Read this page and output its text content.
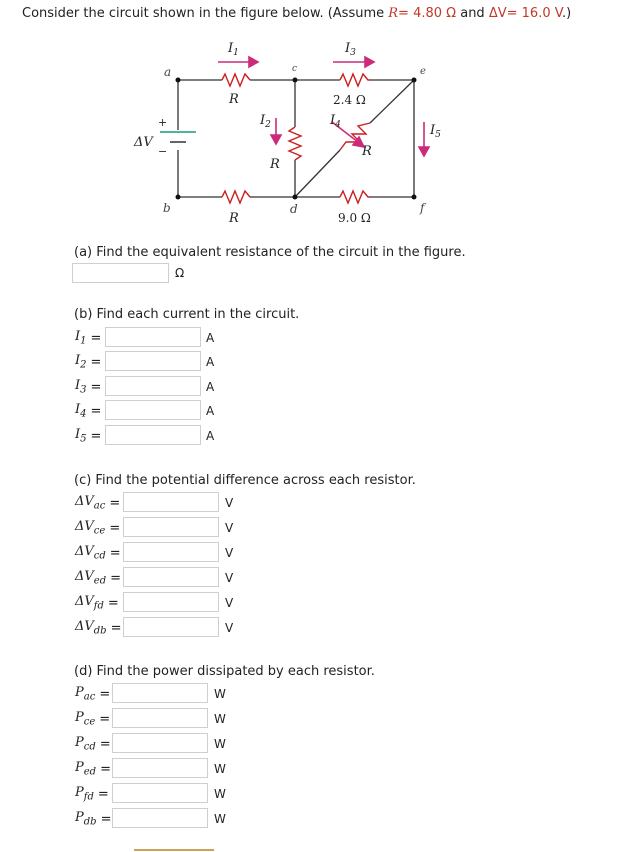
Consider the circuit shown in the figure below. (Assume R= 4.80 Ω and ΔV= 16.0 V.)
a
b
c
d
e
f
$I_1$	$I_3$
$I_2$	$I_4$	$I_5$
R
R
R
R
ΔV
2.4 Ω
9.0 Ω
+
−
(a) Find the equivalent resistance of the circuit in the figure.
Ω
(b) Find each current in the circuit.
$I_1$ =	A
$I_2$ =	A
$I_3$ =	A
$I_4$ =	A
$I_5$ =	A
(c) Find the potential difference across each resistor.
$\Delta V_{ac}$ =	V
$\Delta V_{ce}$ =	V
$\Delta V_{cd}$ =	V
$\Delta V_{ed}$ =	V
$\Delta V_{fd}$ =	V
$\Delta V_{db}$ =	V
(d) Find the power dissipated by each resistor.
$P_{ac}$ =	W
$P_{ce}$ =	W
$P_{cd}$ =	W
$P_{ed}$ =	W
$P_{fd}$ =	W
$P_{db}$ =	W
